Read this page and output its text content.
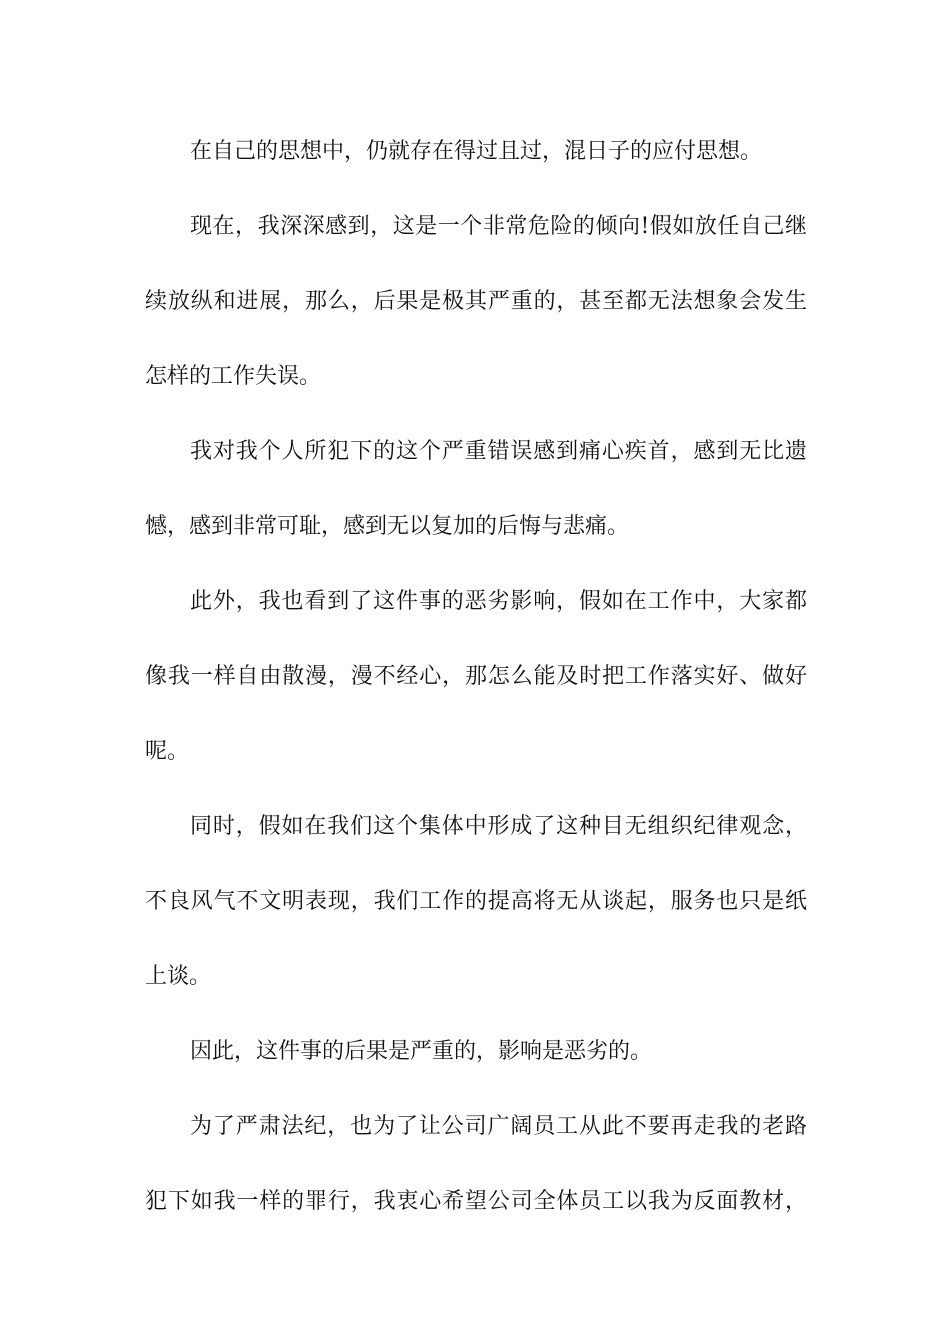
在自己的思想中，仍就存在得过且过，混日子的应付思想。
现在，我深深感到，这是一个非常危险的倾向!假如放任自己继
续放纵和进展，那么，后果是极其严重的，甚至都无法想象会发生
怎样的工作失误。
我对我个人所犯下的这个严重错误感到痛心疾首，感到无比遗
憾，感到非常可耻，感到无以复加的后悔与悲痛。
此外，我也看到了这件事的恶劣影响，假如在工作中，大家都
像我一样自由散漫，漫不经心，那怎么能及时把工作落实好、做好
呢。
同时，假如在我们这个集体中形成了这种目无组织纪律观念，
不良风气不文明表现，我们工作的提高将无从谈起，服务也只是纸
上谈。
因此，这件事的后果是严重的，影响是恶劣的。
为了严肃法纪，也为了让公司广阔员工从此不要再走我的老路
犯下如我一样的罪行，我衷心希望公司全体员工以我为反面教材，
